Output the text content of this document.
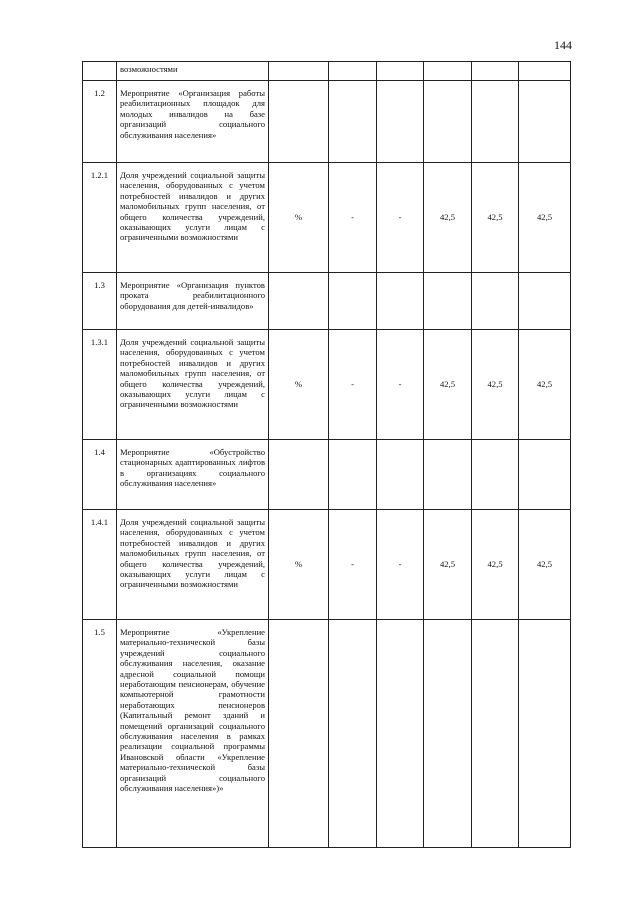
144
	возможностями						
1.2	Мероприятие «Организация работы реабилитационных площадок для молодых инвалидов на базе организаций социального обслуживания населения»						
1.2.1	Доля учреждений социальной защиты населения, оборудованных с учетом потребностей инвалидов и других маломобильных групп населения, от общего количества учреждений, оказывающих услуги лицам с ограниченными возможностями	%	-	-	42,5	42,5	42,5
1.3	Мероприятие «Организация пунктов проката реабилитационного оборудования для детей-инвалидов»						
1.3.1	Доля учреждений социальной защиты населения, оборудованных с учетом потребностей инвалидов и других маломобильных групп населения, от общего количества учреждений, оказывающих услуги лицам с ограниченными возможностями	%	-	-	42,5	42,5	42,5
1.4	Мероприятие «Обустройство стационарных адаптированных лифтов в организациях социального обслуживания населения»						
1.4.1	Доля учреждений социальной защиты населения, оборудованных с учетом потребностей инвалидов и других маломобильных групп населения, от общего количества учреждений, оказывающих услуги лицам с ограниченными возможностями	%	-	-	42,5	42,5	42,5
1.5	Мероприятие «Укрепление материально-технической базы учреждений социального обслуживания населения, оказание адресной социальной помощи неработающим пенсионерам, обучение компьютерной грамотности неработающих пенсионеров (Капитальный ремонт зданий и помещений организаций социального обслуживания населения в рамках реализации социальной программы Ивановской области «Укрепление материально-технической базы организаций социального обслуживания населения»)»						
